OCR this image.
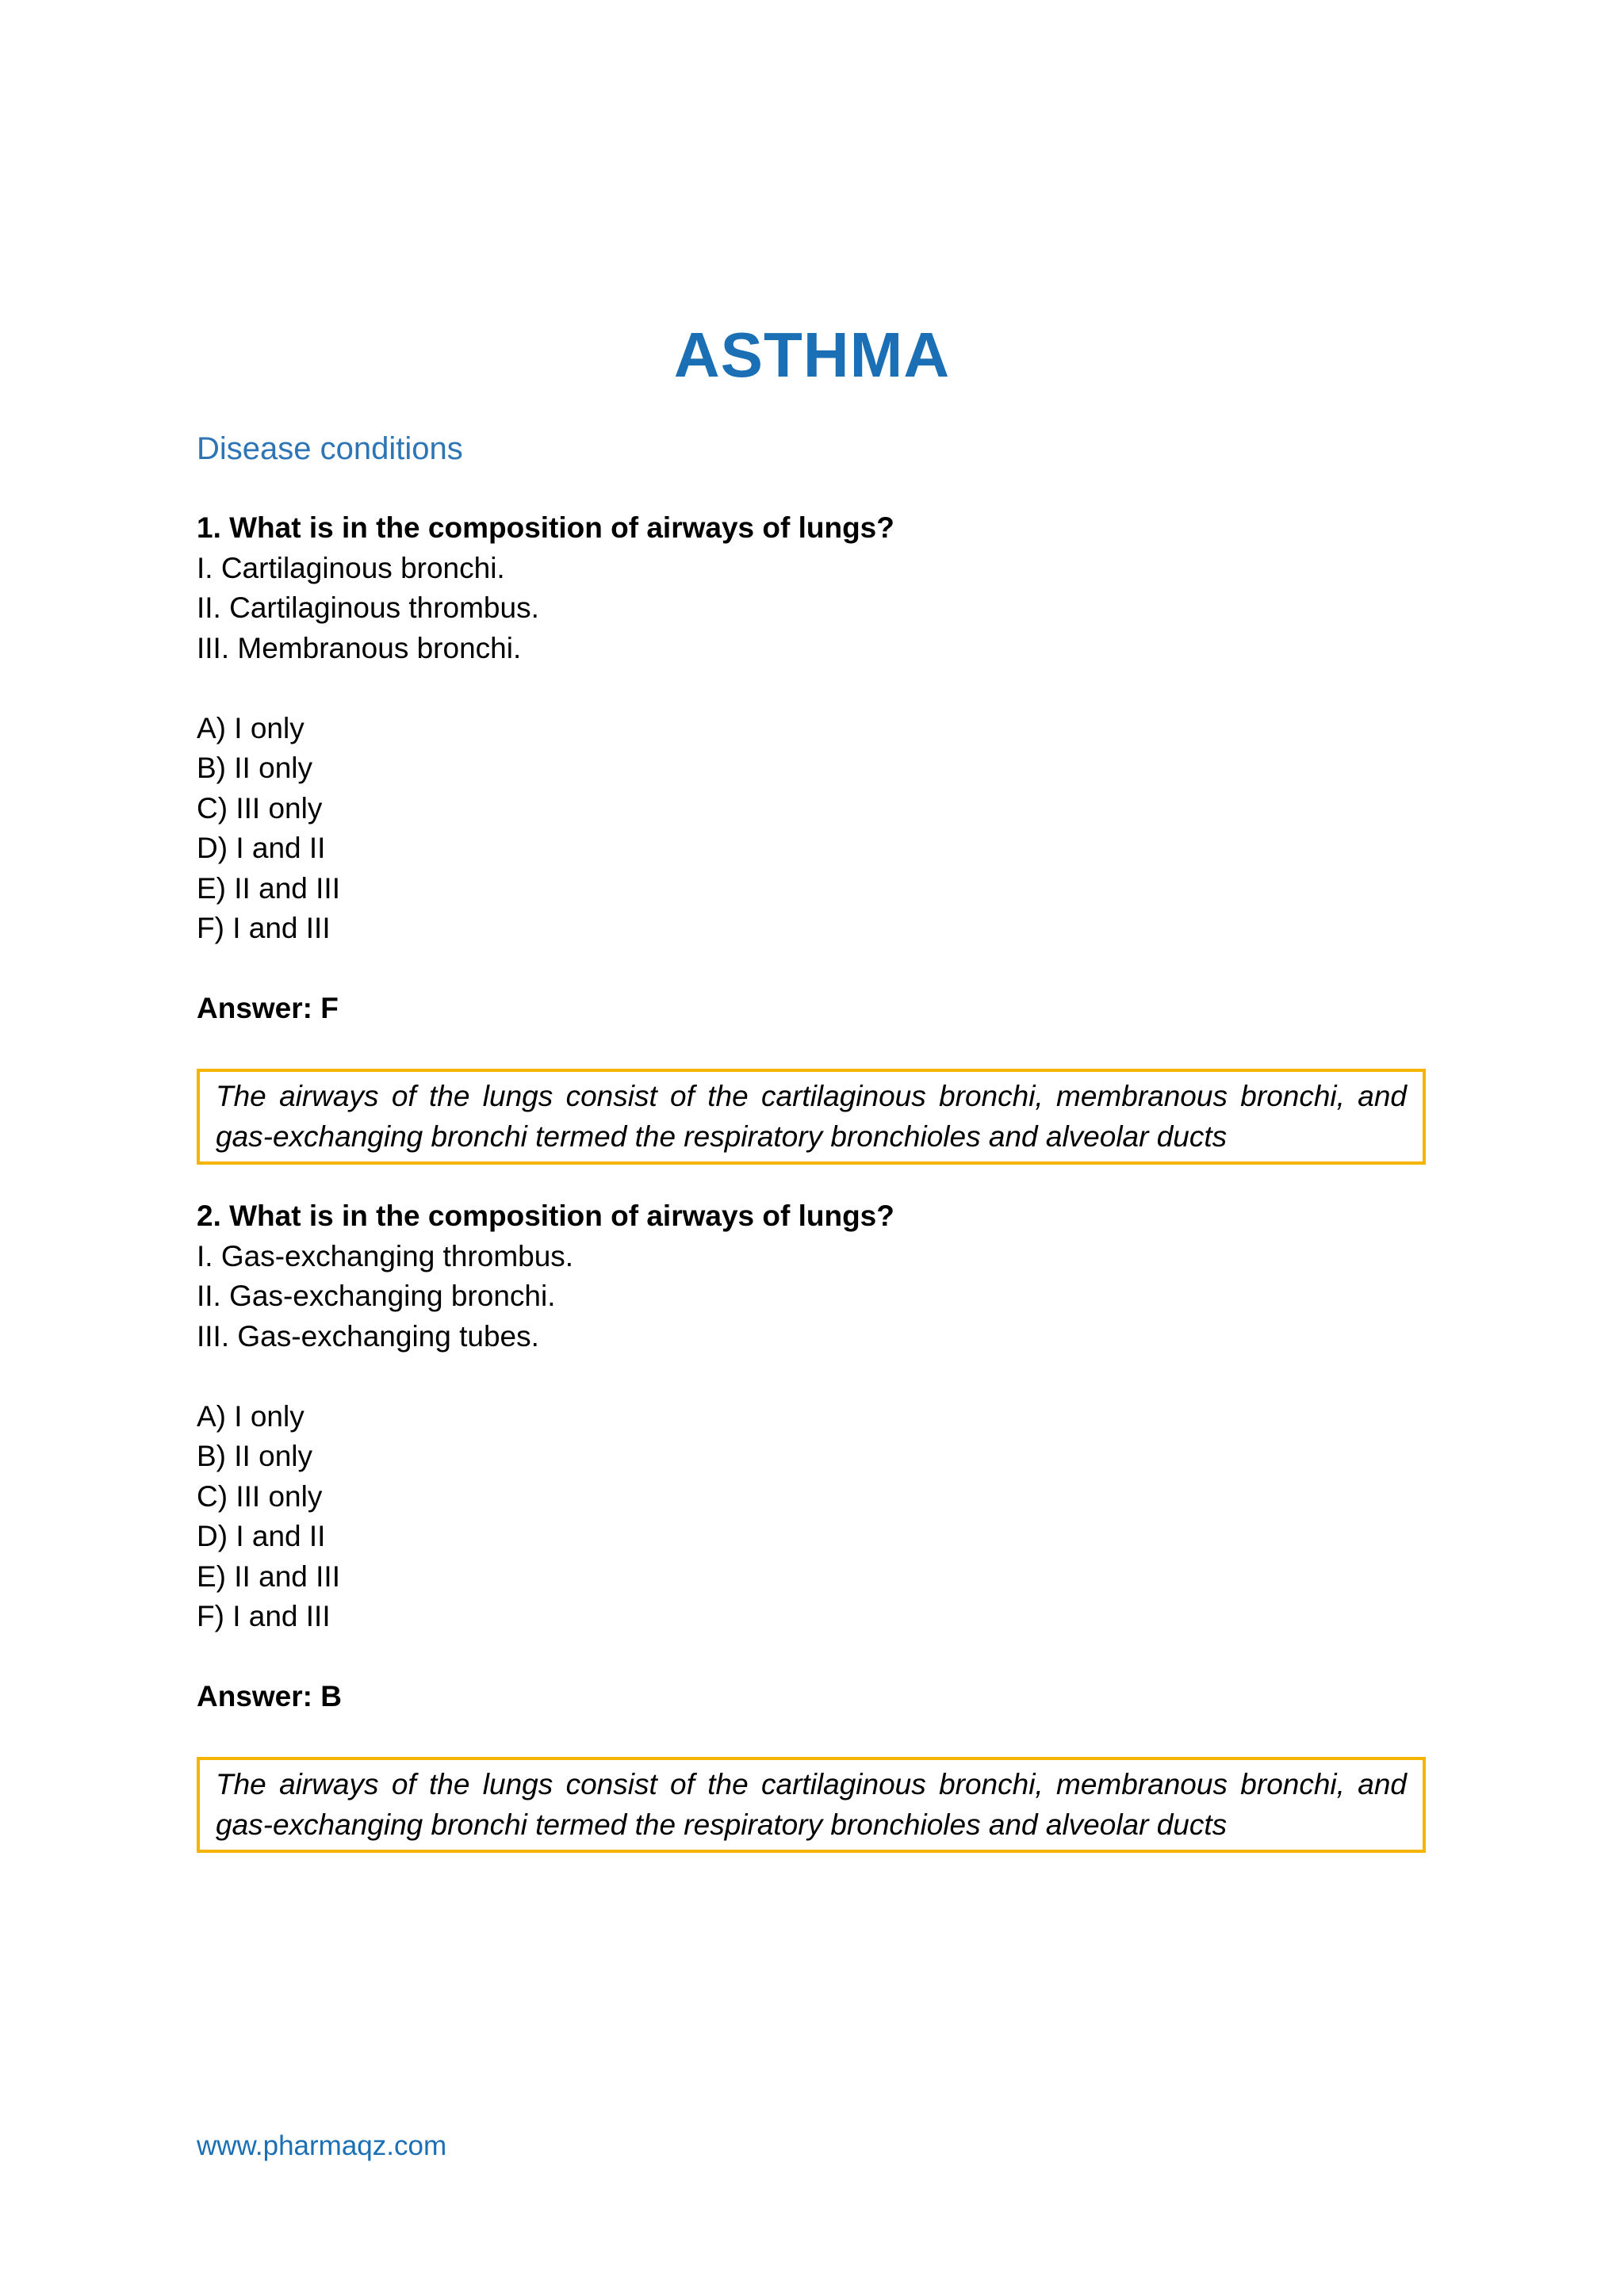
ASTHMA
Disease conditions
1. What is in the composition of airways of lungs?
I. Cartilaginous bronchi.
II. Cartilaginous thrombus.
III. Membranous bronchi.
A) I only
B) II only
C) III only
D) I and II
E) II and III
F) I and III
Answer: F
The airways of the lungs consist of the cartilaginous bronchi, membranous bronchi, and gas-exchanging bronchi termed the respiratory bronchioles and alveolar ducts
2. What is in the composition of airways of lungs?
I. Gas-exchanging thrombus.
II. Gas-exchanging bronchi.
III. Gas-exchanging tubes.
A) I only
B) II only
C) III only
D) I and II
E) II and III
F) I and III
Answer: B
The airways of the lungs consist of the cartilaginous bronchi, membranous bronchi, and gas-exchanging bronchi termed the respiratory bronchioles and alveolar ducts
www.pharmaqz.com
